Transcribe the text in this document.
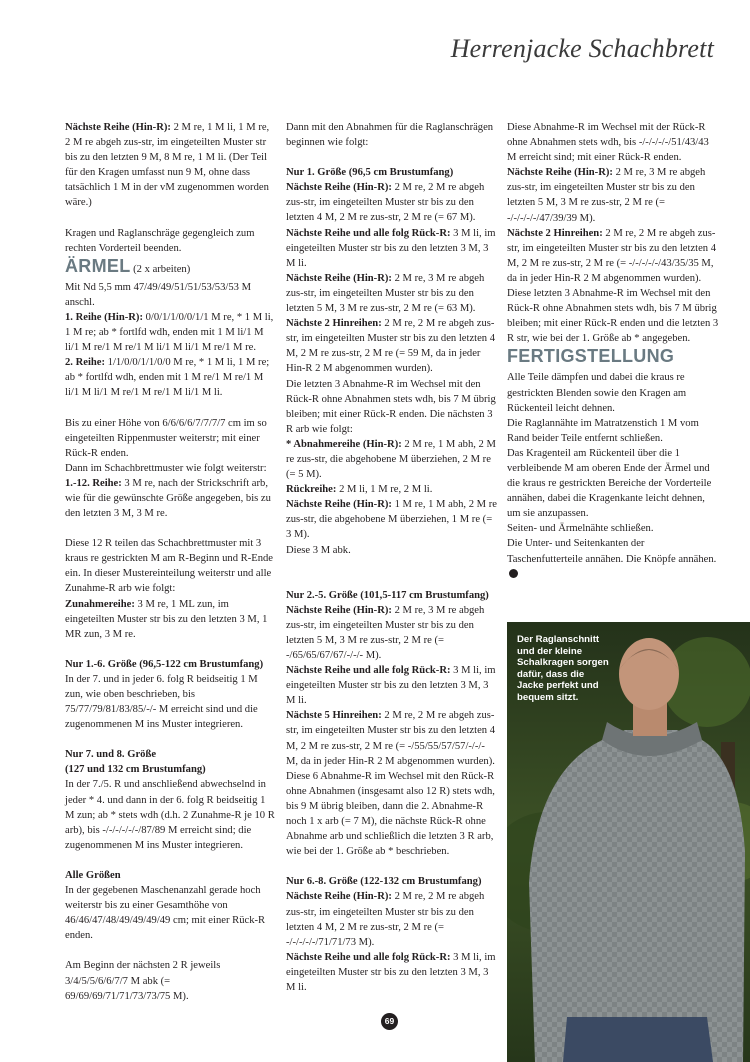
Herrenjacke Schachbrett

Nächste Reihe (Hin-R): 2 M re, 1 M li, 1 M re, 2 M re abgeh zus-str, im eingeteilten Muster str bis zu den letzten 9 M, 8 M re, 1 M li. (Der Teil für den Kragen umfasst nun 9 M, ohne dass tatsächlich 1 M in der vM zugenommen worden wäre.)

Kragen und Raglanschräge gegengleich zum rechten Vorderteil beenden.

ÄRMEL (2 x arbeiten)

Mit Nd 5,5 mm 47/49/49/51/51/53/53/53 M anschl.

1. Reihe (Hin-R): 0/0/1/1/0/0/1/1 M re, * 1 M li, 1 M re; ab * fortlfd wdh, enden mit 1 M li/1 M li/1 M re/1 M re/1 M li/1 M li/1 M re/1 M re.

2. Reihe: 1/1/0/0/1/1/0/0 M re, * 1 M li, 1 M re; ab * fortlfd wdh, enden mit 1 M re/1 M re/1 M li/1 M li/1 M re/1 M re/1 M li/1 M li.

Bis zu einer Höhe von 6/6/6/6/7/7/7/7 cm im so eingeteilten Rippenmuster weiterstr; mit einer Rück-R enden.

Dann im Schachbrettmuster wie folgt weiterstr:

1.-12. Reihe: 3 M re, nach der Strickschrift arb, wie für die gewünschte Größe angegeben, bis zu den letzten 3 M, 3 M re.

Diese 12 R teilen das Schachbrettmuster mit 3 kraus re gestrickten M am R-Beginn und R-Ende ein. In dieser Mustereinteilung weiterstr und alle Zunahme-R arb wie folgt:

Zunahmereihe: 3 M re, 1 ML zun, im eingeteilten Muster str bis zu den letzten 3 M, 1 MR zun, 3 M re.

Nur 1.-6. Größe (96,5-122 cm Brustumfang)

In der 7. und in jeder 6. folg R beidseitig 1 M zun, wie oben beschrieben, bis 75/77/79/81/83/85/-/- M erreicht sind und die zugenommenen M ins Muster integrieren.

Nur 7. und 8. Größe

(127 und 132 cm Brustumfang)

In der 7./5. R und anschließend abwechselnd in jeder * 4. und dann in der 6. folg R beidseitig 1 M zun; ab * stets wdh (d.h. 2 Zunahme-R je 10 R arb), bis -/-/-/-/-/-/87/89 M erreicht sind; die zugenommenen M ins Muster integrieren.

Alle Größen

In der gegebenen Maschenanzahl gerade hoch weiterstr bis zu einer Gesamthöhe von 46/46/47/48/49/49/49/49 cm; mit einer Rück-R enden.

Am Beginn der nächsten 2 R jeweils 3/4/5/5/6/6/7/7 M abk (= 69/69/69/71/71/73/73/75 M).

Dann mit den Abnahmen für die Raglanschrägen beginnen wie folgt:

Nur 1. Größe (96,5 cm Brustumfang)

Nächste Reihe (Hin-R): 2 M re, 2 M re abgeh zus-str, im eingeteilten Muster str bis zu den letzten 4 M, 2 M re zus-str, 2 M re (= 67 M).

Nächste Reihe und alle folg Rück-R: 3 M li, im eingeteilten Muster str bis zu den letzten 3 M, 3 M li.

Nächste Reihe (Hin-R): 2 M re, 3 M re abgeh zus-str, im eingeteilten Muster str bis zu den letzten 5 M, 3 M re zus-str, 2 M re (= 63 M).

Nächste 2 Hinreihen: 2 M re, 2 M re abgeh zus-str, im eingeteilten Muster str bis zu den letzten 4 M, 2 M re zus-str, 2 M re (= 59 M, da in jeder Hin-R 2 M abgenommen wurden).

Die letzten 3 Abnahme-R im Wechsel mit den Rück-R ohne Abnahmen stets wdh, bis 7 M übrig bleiben; mit einer Rück-R enden. Die nächsten 3 R arb wie folgt:

* Abnahmereihe (Hin-R): 2 M re, 1 M abh, 2 M re zus-str, die abgehobene M überziehen, 2 M re (= 5 M).

Rückreihe: 2 M li, 1 M re, 2 M li.

Nächste Reihe (Hin-R): 1 M re, 1 M abh, 2 M re zus-str, die abgehobene M überziehen, 1 M re (= 3 M).

Diese 3 M abk.

Nur 2.-5. Größe (101,5-117 cm Brustumfang)

Nächste Reihe (Hin-R): 2 M re, 3 M re abgeh zus-str, im eingeteilten Muster str bis zu den letzten 5 M, 3 M re zus-str, 2 M re (= -/65/65/67/67/-/-/- M).

Nächste Reihe und alle folg Rück-R: 3 M li, im eingeteilten Muster str bis zu den letzten 3 M, 3 M li.

Nächste 5 Hinreihen: 2 M re, 2 M re abgeh zus-str, im eingeteilten Muster str bis zu den letzten 4 M, 2 M re zus-str, 2 M re (= -/55/55/57/57/-/-/- M, da in jeder Hin-R 2 M abgenommen wurden).

Diese 6 Abnahme-R im Wechsel mit den Rück-R ohne Abnahmen (insgesamt also 12 R) stets wdh, bis 9 M übrig bleiben, dann die 2. Abnahme-R noch 1 x arb (= 7 M), die nächste Rück-R ohne Abnahme arb und schließlich die letzten 3 R arb, wie bei der 1. Größe ab * beschrieben.

Nur 6.-8. Größe (122-132 cm Brustumfang)

Nächste Reihe (Hin-R): 2 M re, 2 M re abgeh zus-str, im eingeteilten Muster str bis zu den letzten 4 M, 2 M re zus-str, 2 M re (= -/-/-/-/-/71/71/73 M).

Nächste Reihe und alle folg Rück-R: 3 M li, im eingeteilten Muster str bis zu den letzten 3 M, 3 M li.

Diese Abnahme-R im Wechsel mit der Rück-R ohne Abnahmen stets wdh, bis -/-/-/-/-/51/43/43 M erreicht sind; mit einer Rück-R enden.

Nächste Reihe (Hin-R): 2 M re, 3 M re abgeh zus-str, im eingeteilten Muster str bis zu den letzten 5 M, 3 M re zus-str, 2 M re (= -/-/-/-/-/47/39/39 M).

Nächste 2 Hinreihen: 2 M re, 2 M re abgeh zus-str, im eingeteilten Muster str bis zu den letzten 4 M, 2 M re zus-str, 2 M re (= -/-/-/-/-/43/35/35 M, da in jeder Hin-R 2 M abgenommen wurden).

Diese letzten 3 Abnahme-R im Wechsel mit den Rück-R ohne Abnahmen stets wdh, bis 7 M übrig bleiben; mit einer Rück-R enden und die letzten 3 R str, wie bei der 1. Größe ab * angegeben.

FERTIGSTELLUNG

Alle Teile dämpfen und dabei die kraus re gestrickten Blenden sowie den Kragen am Rückenteil leicht dehnen.

Die Raglannähte im Matratzenstich 1 M vom Rand beider Teile entfernt schließen.

Das Kragenteil am Rückenteil über die 1 verbleibende M am oberen Ende der Ärmel und die kraus re gestrickten Bereiche der Vorderteile annähen, dabei die Kragenkante leicht dehnen, um sie anzupassen.

Seiten- und Ärmelnähte schließen.

Die Unter- und Seitenkanten der Taschenfutterteile annähen. Die Knöpfe annähen.

Der Raglanschnitt und der kleine Schalkragen sorgen dafür, dass die Jacke perfekt und bequem sitzt.
69
